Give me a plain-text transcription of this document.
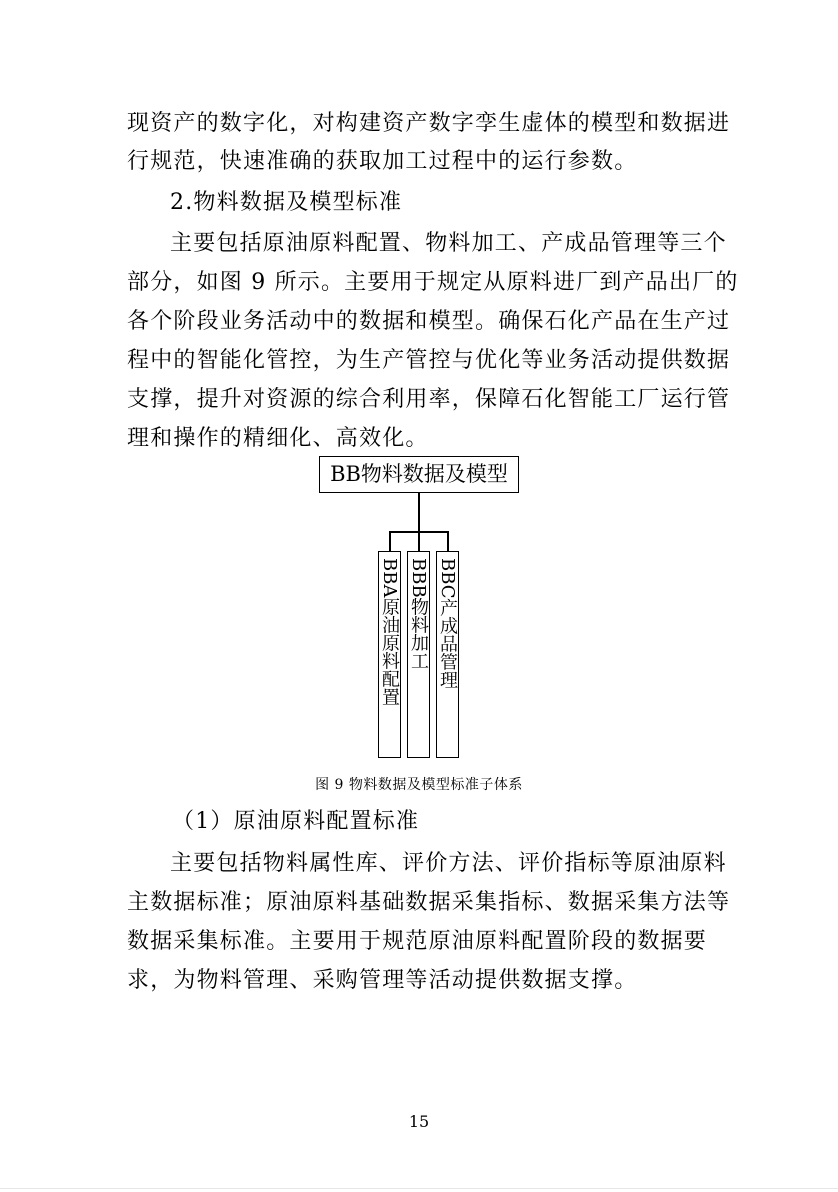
现资产的数字化，对构建资产数字孪生虚体的模型和数据进
行规范，快速准确的获取加工过程中的运行参数。
2.物料数据及模型标准
主要包括原油原料配置、物料加工、产成品管理等三个
部分，如图 9 所示。主要用于规定从原料进厂到产品出厂的
各个阶段业务活动中的数据和模型。确保石化产品在生产过
程中的智能化管控，为生产管控与优化等业务活动提供数据
支撑，提升对资源的综合利用率，保障石化智能工厂运行管
理和操作的精细化、高效化。
BB物料数据及模型
BBA原油原料配置 BBB物料加工 BBC产成品管理
图 9 物料数据及模型标准子体系
（1）原油原料配置标准
主要包括物料属性库、评价方法、评价指标等原油原料
主数据标准；原油原料基础数据采集指标、数据采集方法等
数据采集标准。主要用于规范原油原料配置阶段的数据要
求，为物料管理、采购管理等活动提供数据支撑。
15
